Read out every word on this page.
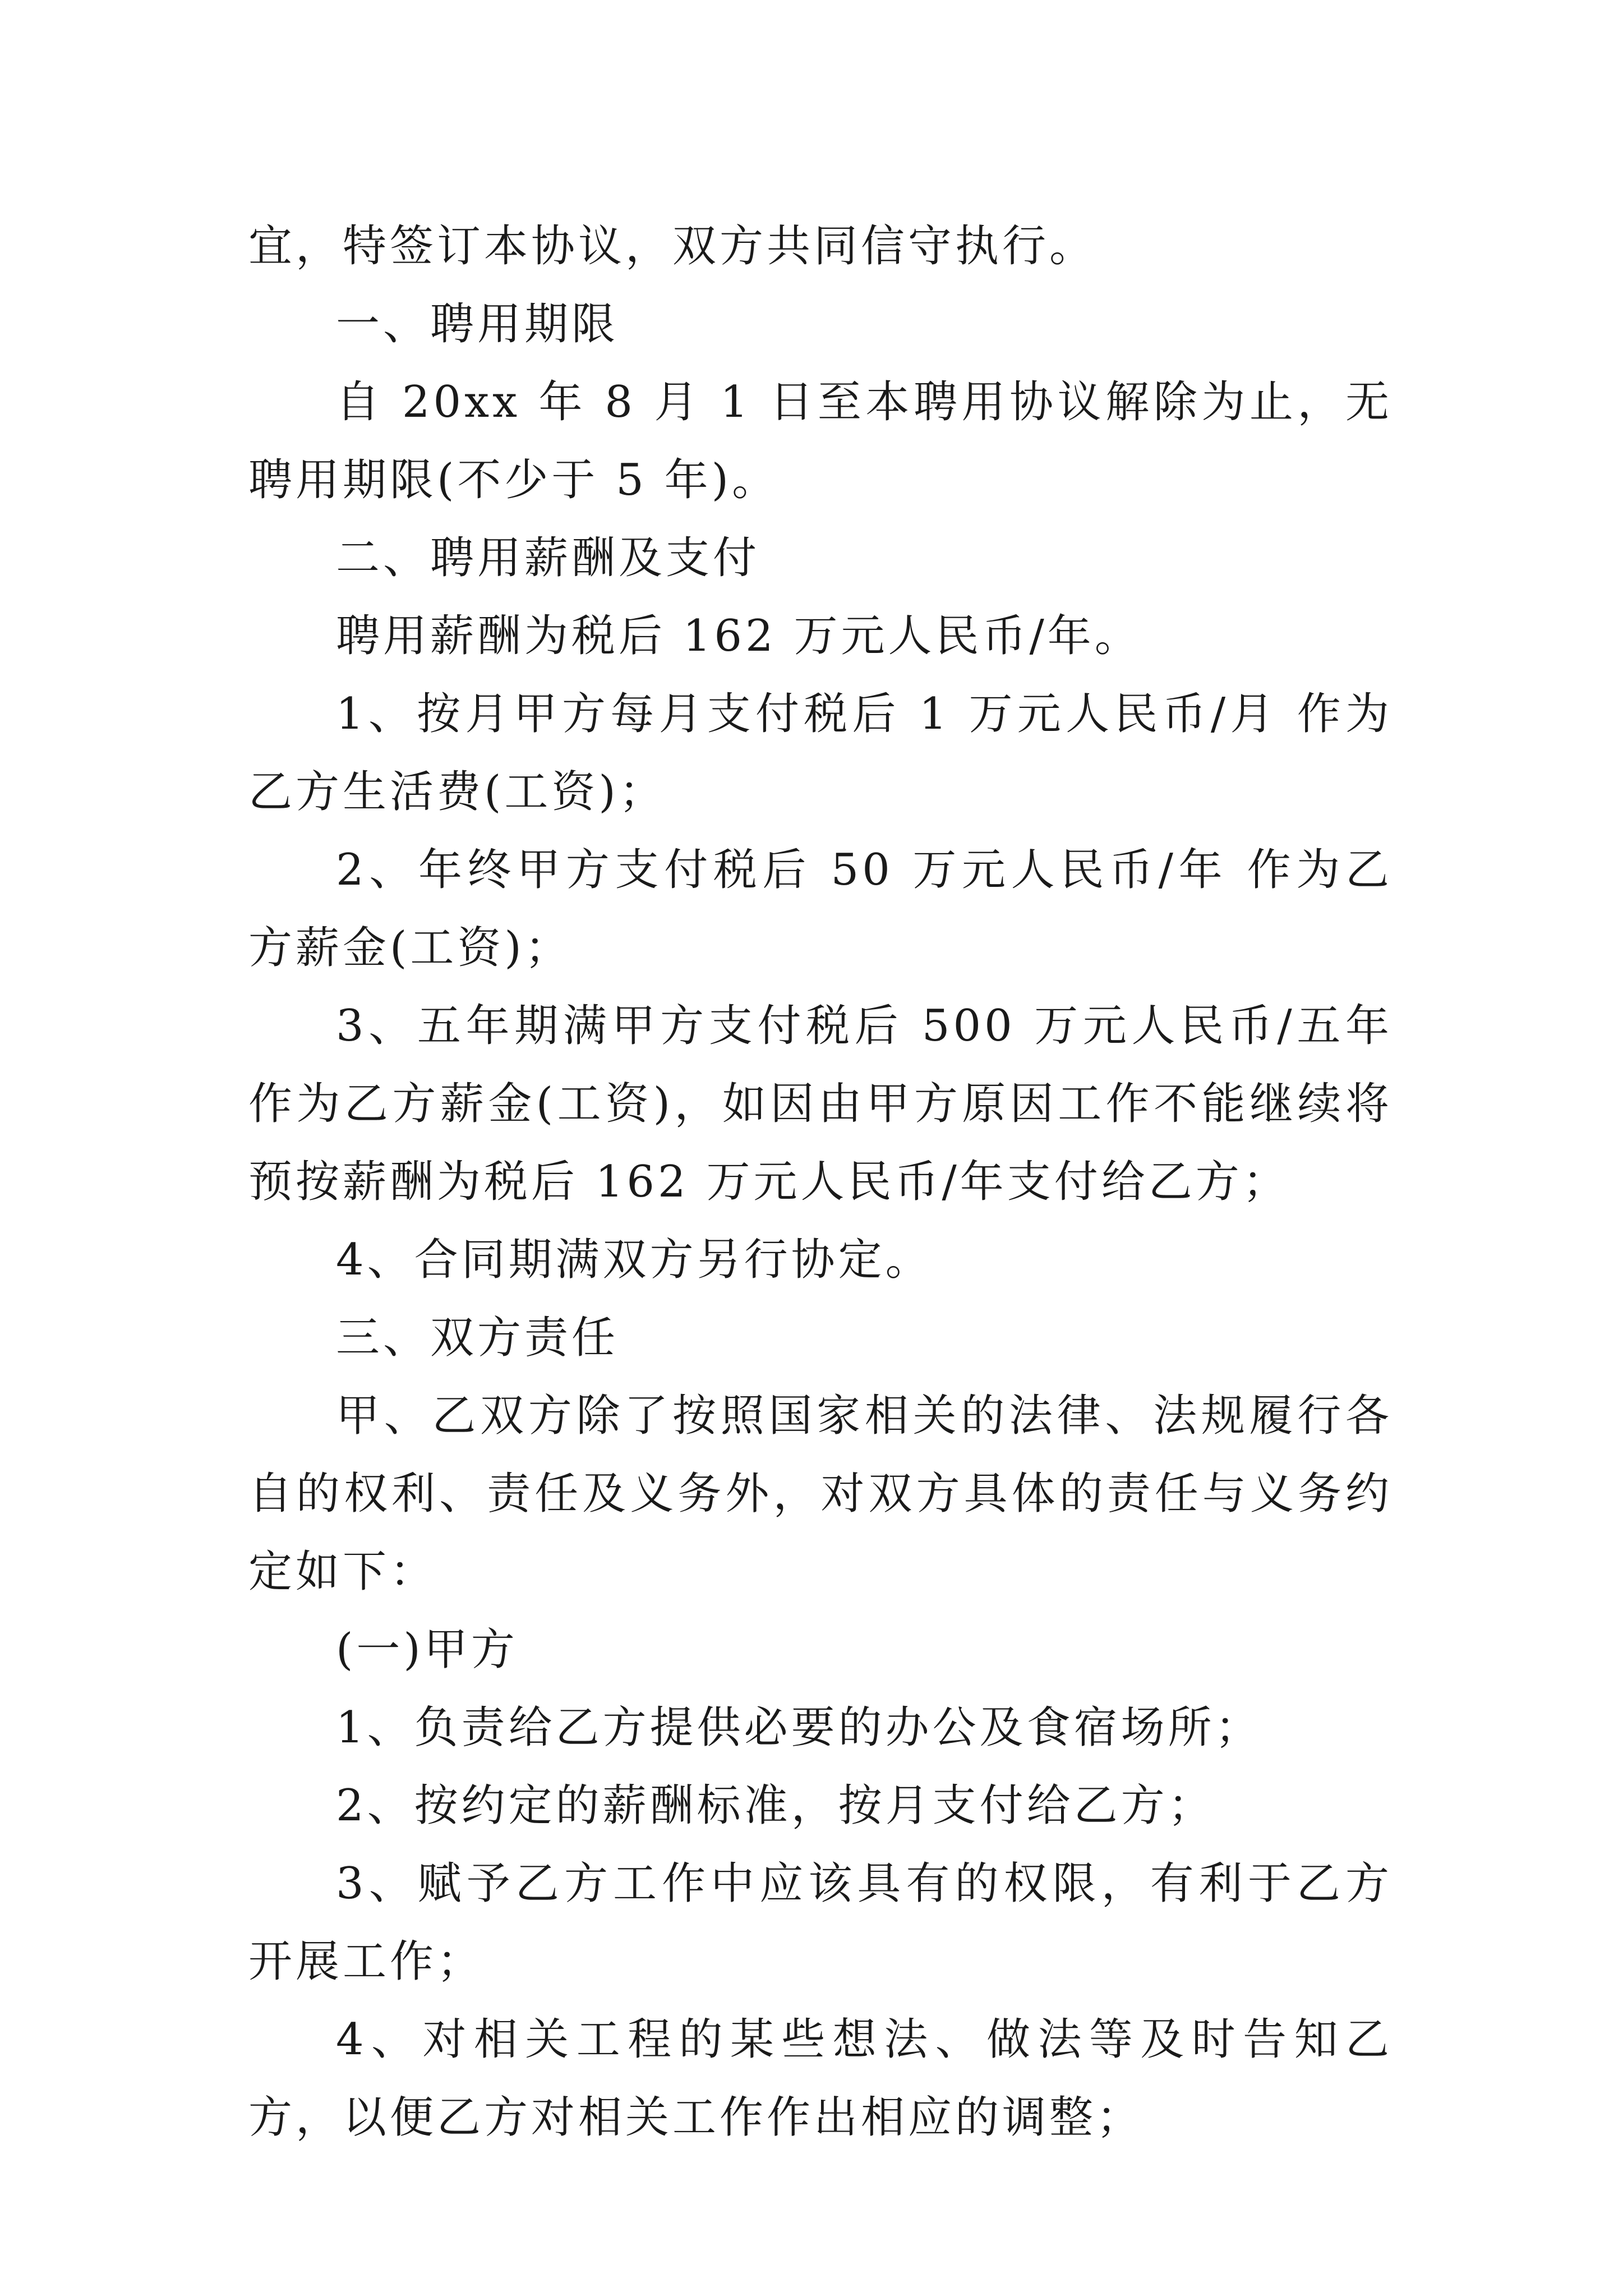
宜，特签订本协议，双方共同信守执行。

一、聘用期限

自 20xx 年 8 月 1 日至本聘用协议解除为止，无聘用期限(不少于 5 年)。

二、聘用薪酬及支付

聘用薪酬为税后 162 万元人民币/年。

1、按月甲方每月支付税后 1 万元人民币/月 作为乙方生活费(工资)；

2、年终甲方支付税后 50 万元人民币/年 作为乙方薪金(工资)；

3、五年期满甲方支付税后 500 万元人民币/五年 作为乙方薪金(工资)，如因由甲方原因工作不能继续将预按薪酬为税后 162 万元人民币/年支付给乙方；

4、合同期满双方另行协定。

三、双方责任

甲、乙双方除了按照国家相关的法律、法规履行各自的权利、责任及义务外，对双方具体的责任与义务约定如下：

(一)甲方

1、负责给乙方提供必要的办公及食宿场所；

2、按约定的薪酬标准，按月支付给乙方；

3、赋予乙方工作中应该具有的权限，有利于乙方开展工作；

4、对相关工程的某些想法、做法等及时告知乙方，以便乙方对相关工作作出相应的调整；
